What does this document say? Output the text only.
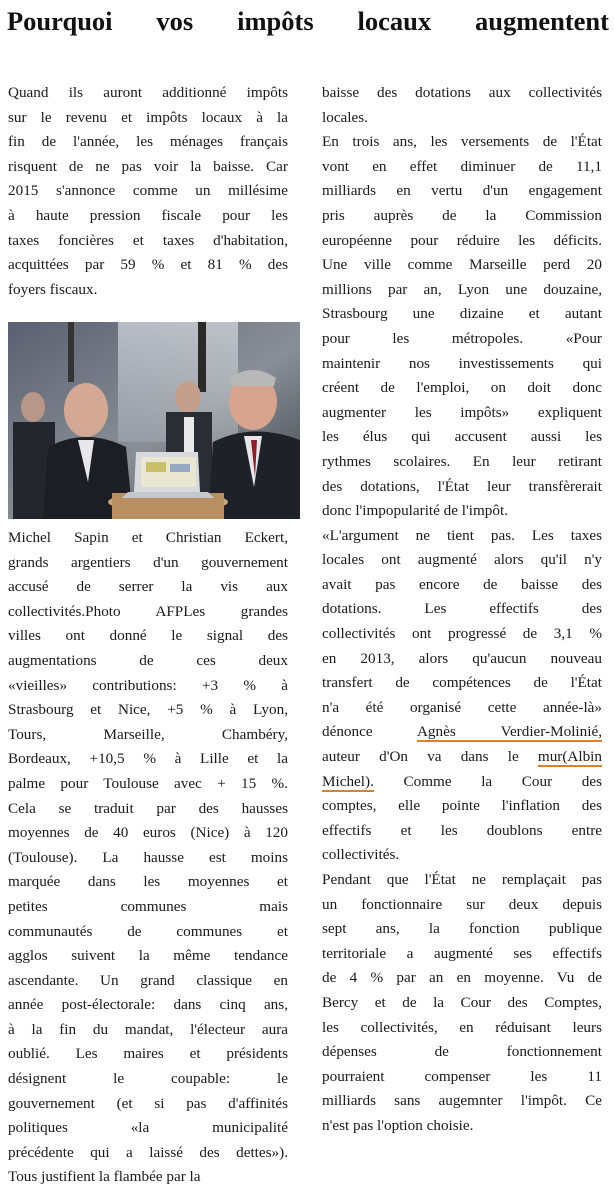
Pourquoi vos impôts locaux augmentent
Quand ils auront additionné impôts
sur le revenu et impôts locaux à la
fin de l'année, les ménages français
risquent de ne pas voir la baisse. Car
2015 s'annonce comme un millésime
à haute pression fiscale pour les
taxes foncières et taxes d'habitation,
acquittées par 59 % et 81 % des
foyers fiscaux.
Michel Sapin et Christian Eckert,
grands argentiers d'un gouvernement
accusé de serrer la vis aux
collectivités.Photo AFPLes grandes
villes ont donné le signal des
augmentations de ces deux
«vieilles» contributions: +3 % à
Strasbourg et Nice, +5 % à Lyon,
Tours, Marseille, Chambéry,
Bordeaux, +10,5 % à Lille et la
palme pour Toulouse avec + 15 %.
Cela se traduit par des hausses
moyennes de 40 euros (Nice) à 120
(Toulouse). La hausse est moins
marquée dans les moyennes et
petites communes mais
communautés de communes et
agglos suivent la même tendance
ascendante. Un grand classique en
année post-électorale: dans cinq ans,
à la fin du mandat, l'électeur aura
oublié. Les maires et présidents
désignent le coupable: le
gouvernement (et si pas d'affinités
politiques «la municipalité
précédente qui a laissé des dettes»).
Tous justifient la flambée par la
baisse des dotations aux collectivités
locales.
En trois ans, les versements de l'État
vont en effet diminuer de 11,1
milliards en vertu d'un engagement
pris auprès de la Commission
européenne pour réduire les déficits.
Une ville comme Marseille perd 20
millions par an, Lyon une douzaine,
Strasbourg une dizaine et autant
pour les métropoles. «Pour
maintenir nos investissements qui
créent de l'emploi, on doit donc
augmenter les impôts» expliquent
les élus qui accusent aussi les
rythmes scolaires. En leur retirant
des dotations, l'État leur transfèrerait
donc l'impopularité de l'impôt.
«L'argument ne tient pas. Les taxes
locales ont augmenté alors qu'il n'y
avait pas encore de baisse des
dotations. Les effectifs des
collectivités ont progressé de 3,1 %
en 2013, alors qu'aucun nouveau
transfert de compétences de l'État
n'a été organisé cette année-là»
dénonce	Agnès Verdier-Molinié,
auteur d'On va dans le mur(Albin
Michel). Comme la Cour des
comptes, elle pointe l'inflation des
effectifs et les doublons entre
collectivités.
Pendant que l'État ne remplaçait pas
un fonctionnaire sur deux depuis
sept ans, la fonction publique
territoriale a augmenté ses effectifs
de 4 % par an en moyenne. Vu de
Bercy et de la Cour des Comptes,
les collectivités, en réduisant leurs
dépenses de fonctionnement
pourraient compenser les 11
milliards sans augemnter l'impôt. Ce
n'est pas l'option choisie.
